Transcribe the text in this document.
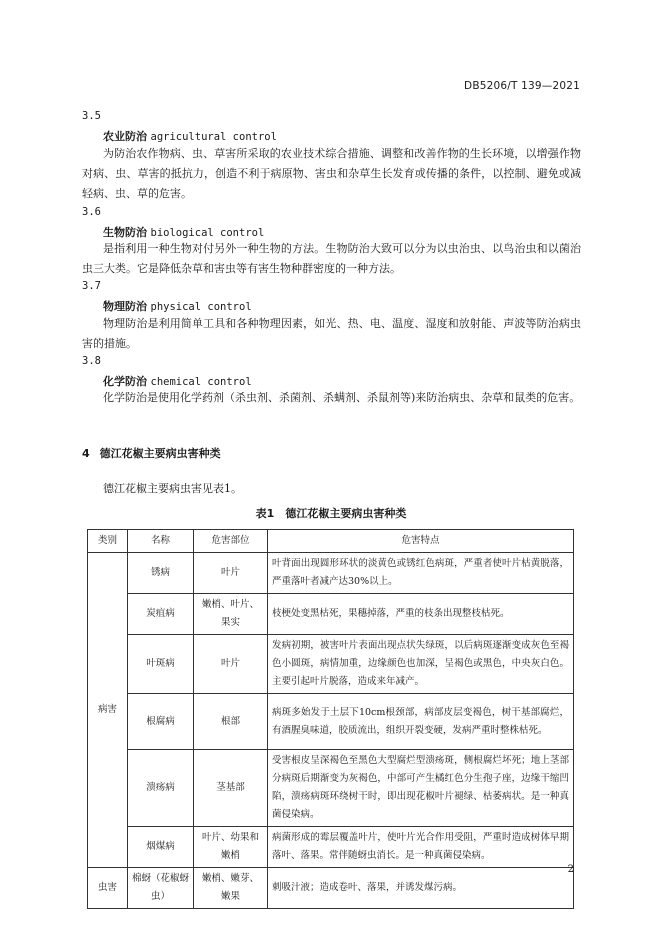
DB5206/T 139—2021
3.5
农业防治 agricultural control
为防治农作物病、虫、草害所采取的农业技术综合措施、调整和改善作物的生长环境，以增强作物对病、虫、草害的抵抗力，创造不利于病原物、害虫和杂草生长发育或传播的条件，以控制、避免或减轻病、虫、草的危害。
3.6
生物防治 biological control
是指利用一种生物对付另外一种生物的方法。生物防治大致可以分为以虫治虫、以鸟治虫和以菌治虫三大类。它是降低杂草和害虫等有害生物种群密度的一种方法。
3.7
物理防治 physical control
物理防治是利用简单工具和各种物理因素，如光、热、电、温度、湿度和放射能、声波等防治病虫害的措施。
3.8
化学防治 chemical control
化学防治是使用化学药剂（杀虫剂、杀菌剂、杀螨剂、杀鼠剂等)来防治病虫、杂草和鼠类的危害。
4 德江花椒主要病虫害种类
德江花椒主要病虫害见表1。
表1　德江花椒主要病虫害种类
类别	名称	危害部位	危害特点
病害	锈病	叶片	叶背面出现圆形环状的淡黄色或锈红色病斑，严重者使叶片枯黄脱落，严重落叶者减产达30%以上。
	炭疽病	嫩梢、叶片、果实	枝梗处变黑枯死，果穗掉落，严重的枝条出现整枝枯死。
	叶斑病	叶片	发病初期，被害叶片表面出现点状失绿斑，以后病斑逐渐变成灰色至褐色小圆斑，病情加重，边缘颜色也加深，呈褐色或黑色，中央灰白色。主要引起叶片脱落，造成来年减产。
	根腐病	根部	病斑多始发于土层下10cm根颈部，病部皮层变褐色，树干基部腐烂，有酒腥臭味道，胶质流出，组织开裂变硬，发病严重时整株枯死。
	溃疡病	茎基部	受害根皮呈深褐色至黑色大型腐烂型溃疡斑，侧根腐烂坏死；地上茎部分病斑后期渐变为灰褐色，中部可产生橘红色分生孢子座，边缘干缩凹陷，溃疡病斑环绕树干时，即出现花椒叶片褪绿、枯萎病状。是一种真菌侵染病。
	烟煤病	叶片、幼果和嫩梢	病菌形成的霉层覆盖叶片，使叶片光合作用受阻，严重时造成树体早期落叶、落果。常伴随蚜虫消长。是一种真菌侵染病。
虫害	棉蚜（花椒蚜虫）	嫩梢、嫩芽、嫩果	刺吸汁液；造成卷叶、落果，并诱发煤污病。
2
